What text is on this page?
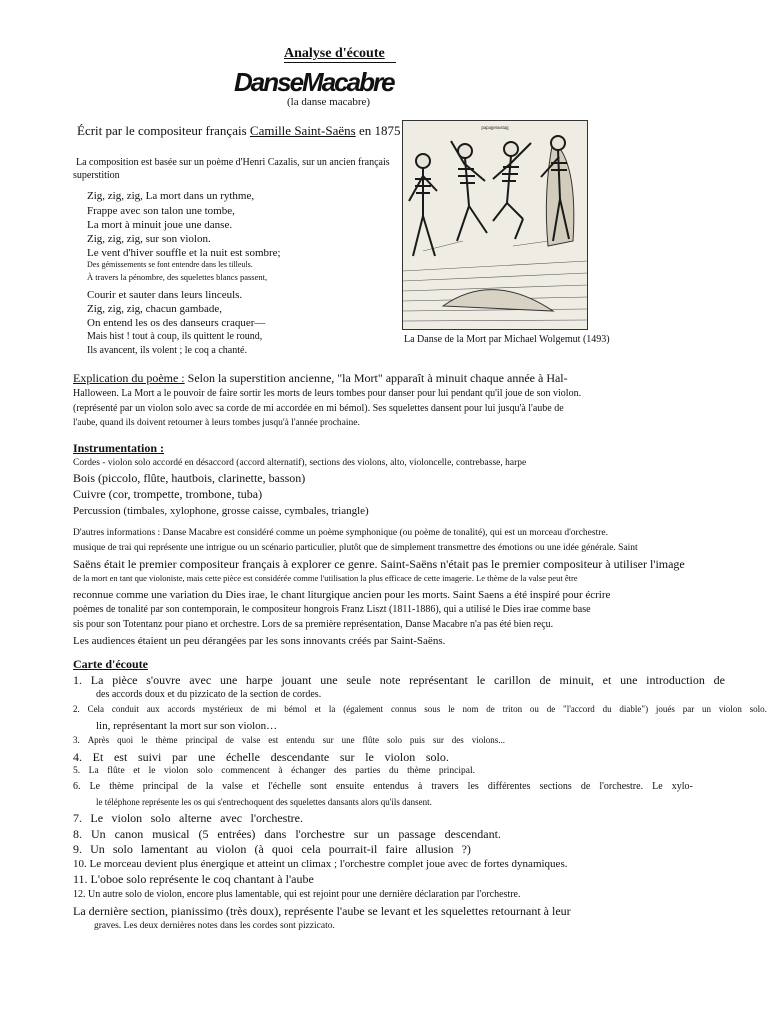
Analyse d'écoute
DanseMacabre
(la danse macabre)
Écrit par le compositeur français Camille Saint-Saëns en 1875
La composition est basée sur un poème d'Henri Cazalis, sur un ancien français
superstition
Zig, zig, zig, La mort dans un rythme,
Frappe avec son talon une tombe,
La mort à minuit joue une danse.
Zig, zig, zig, sur son violon.
Le vent d'hiver souffle et la nuit est sombre;
Des gémissements se font entendre dans les tilleuls.
À travers la pénombre, des squelettes blancs passent,
Courir et sauter dans leurs linceuls.
Zig, zig, zig, chacun gambade,
On entend les os des danseurs craquer—
Mais hist ! tout à coup, ils quittent le round,
Ils avancent, ils volent ; le coq a chanté.
papagenustag
La Danse de la Mort par Michael Wolgemut (1493)
Explication du poème : Selon la superstition ancienne, "la Mort" apparaît à minuit chaque année à Hal-
Halloween. La Mort a le pouvoir de faire sortir les morts de leurs tombes pour danser pour lui pendant qu'il joue de son violon.
(représenté par un violon solo avec sa corde de mi accordée en mi bémol). Ses squelettes dansent pour lui jusqu'à l'aube de
l'aube, quand ils doivent retourner à leurs tombes jusqu'à l'année prochaine.
Instrumentation :
Cordes - violon solo accordé en désaccord (accord alternatif), sections des violons, alto, violoncelle, contrebasse, harpe
Bois (piccolo, flûte, hautbois, clarinette, basson)
Cuivre (cor, trompette, trombone, tuba)
Percussion (timbales, xylophone, grosse caisse, cymbales, triangle)
D'autres informations : Danse Macabre est considéré comme un poème symphonique (ou poème de tonalité), qui est un morceau d'orchestre.
musique de trai qui représente une intrigue ou un scénario particulier, plutôt que de simplement transmettre des émotions ou une idée générale. Saint
Saëns était le premier compositeur français à explorer ce genre. Saint-Saëns n'était pas le premier compositeur à utiliser l'image
de la mort en tant que violoniste, mais cette pièce est considérée comme l'utilisation la plus efficace de cette imagerie. Le thème de la valse peut être
reconnue comme une variation du Dies irae, le chant liturgique ancien pour les morts. Saint Saens a été inspiré pour écrire
poèmes de tonalité par son contemporain, le compositeur hongrois Franz Liszt (1811-1886), qui a utilisé le Dies irae comme base
sis pour son Totentanz pour piano et orchestre. Lors de sa première représentation, Danse Macabre n'a pas été bien reçu.
Les audiences étaient un peu dérangées par les sons innovants créés par Saint-Saëns.
Carte d'écoute
1. La pièce s'ouvre avec une harpe jouant une seule note représentant le carillon de minuit, et une introduction de
des accords doux et du pizzicato de la section de cordes.
2. Cela conduit aux accords mystérieux de mi bémol et la (également connus sous le nom de triton ou de "l'accord du diable") joués par un violon solo.
lin, représentant la mort sur son violon…
3. Après quoi le thème principal de valse est entendu sur une flûte solo puis sur des violons...
4. Et est suivi par une échelle descendante sur le violon solo.
5. La flûte et le violon solo commencent à échanger des parties du thème principal.
6. Le thème principal de la valse et l'échelle sont ensuite entendus à travers les différentes sections de l'orchestre. Le xylo-
le téléphone représente les os qui s'entrechoquent des squelettes dansants alors qu'ils dansent.
7. Le violon solo alterne avec l'orchestre.
8. Un canon musical (5 entrées) dans l'orchestre sur un passage descendant.
9. Un solo lamentant au violon (à quoi cela pourrait-il faire allusion ?)
10. Le morceau devient plus énergique et atteint un climax ; l'orchestre complet joue avec de fortes dynamiques.
11. L'oboe solo représente le coq chantant à l'aube
12. Un autre solo de violon, encore plus lamentable, qui est rejoint pour une dernière déclaration par l'orchestre.
La dernière section, pianissimo (très doux), représente l'aube se levant et les squelettes retournant à leur
graves. Les deux dernières notes dans les cordes sont pizzicato.
